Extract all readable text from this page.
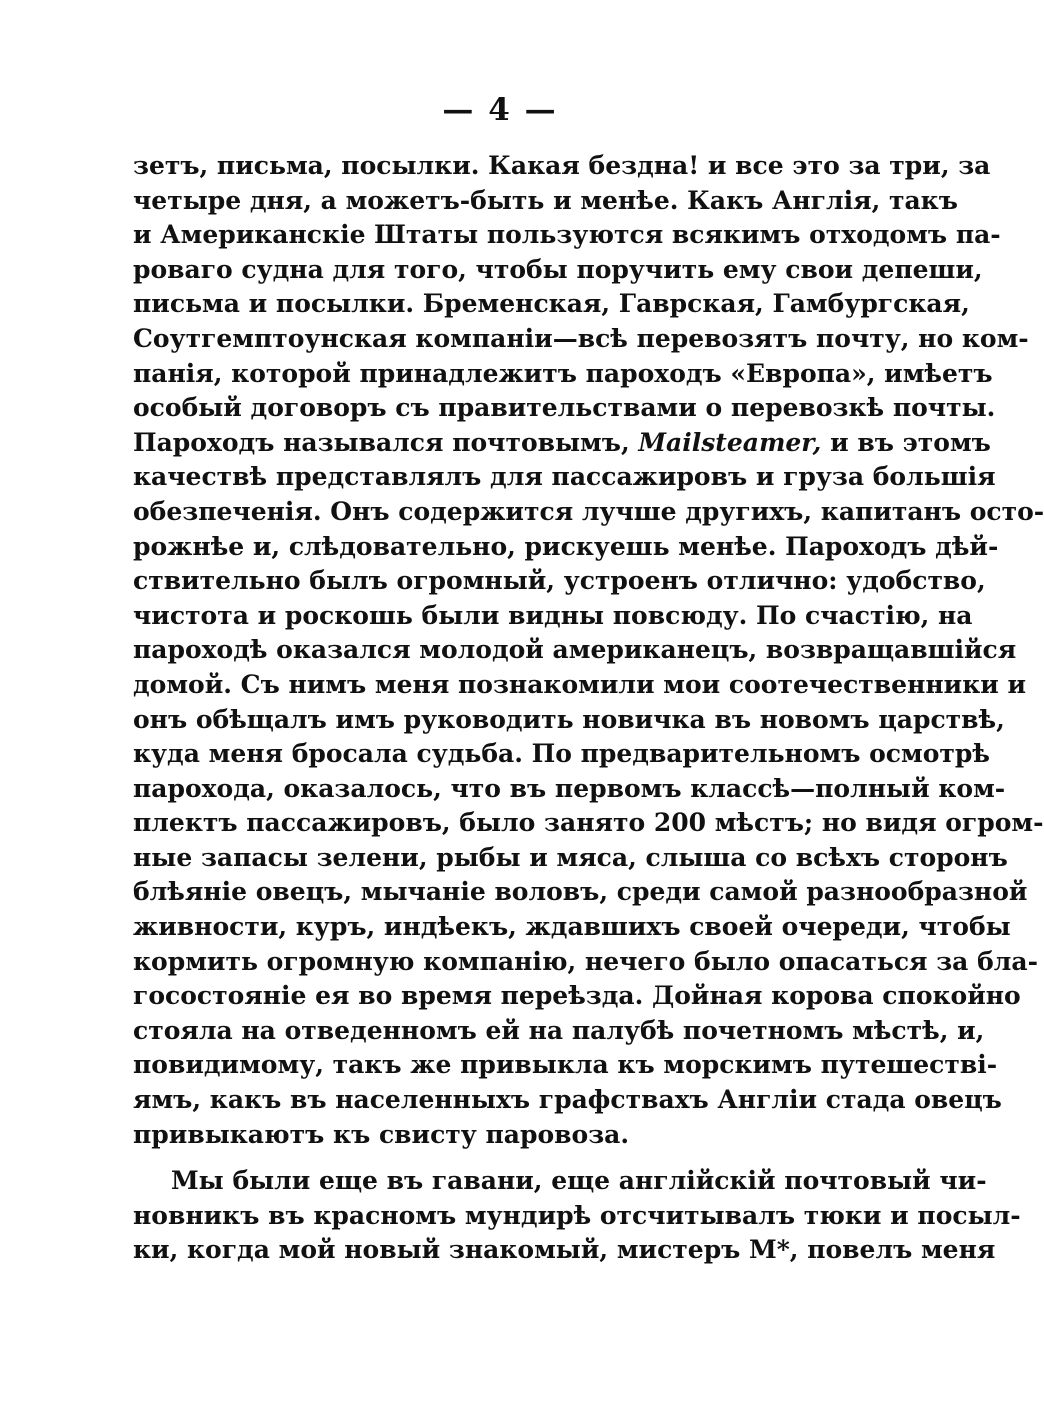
— 4 —
зетъ, письма, посылки. Какая бездна! и все это за три, за
четыре дня, а можетъ-быть и менѣе. Какъ Англія, такъ
и Американскіе Штаты пользуются всякимъ отходомъ па-
роваго судна для того, чтобы поручить ему свои депеши,
письма и посылки. Бременская, Гаврская, Гамбургская,
Соутгемптоунская компаніи—всѣ перевозятъ почту, но ком-
панія, которой принадлежитъ пароходъ «Европа», имѣетъ
особый договоръ съ правительствами о перевозкѣ почты.
Пароходъ назывался почтовымъ, Mailsteamer, и въ этомъ
качествѣ представлялъ для пассажировъ и груза большія
обезпеченія. Онъ содержится лучше другихъ, капитанъ осто-
рожнѣе и, слѣдовательно, рискуешь менѣе. Пароходъ дѣй-
ствительно былъ огромный, устроенъ отлично: удобство,
чистота и роскошь были видны повсюду. По счастію, на
пароходѣ оказался молодой американецъ, возвращавшійся
домой. Съ нимъ меня познакомили мои соотечественники и
онъ обѣщалъ имъ руководить новичка въ новомъ царствѣ,
куда меня бросала судьба. По предварительномъ осмотрѣ
парохода, оказалось, что въ первомъ классѣ—полный ком-
плектъ пассажировъ, было занято 200 мѣстъ; но видя огром-
ные запасы зелени, рыбы и мяса, слыша со всѣхъ сторонъ
блѣяніе овецъ, мычаніе воловъ, среди самой разнообразной
живности, куръ, индѣекъ, ждавшихъ своей очереди, чтобы
кормить огромную компанію, нечего было опасаться за бла-
госостояніе ея во время переѣзда. Дойная корова спокойно
стояла на отведенномъ ей на палубѣ почетномъ мѣстѣ, и,
повидимому, такъ же привыкла къ морскимъ путешестві-
ямъ, какъ въ населенныхъ графствахъ Англіи стада овецъ
привыкаютъ къ свисту паровоза.
Мы были еще въ гавани, еще англійскій почтовый чи-
новникъ въ красномъ мундирѣ отсчитывалъ тюки и посыл-
ки, когда мой новый знакомый, мистеръ М*, повелъ меня
